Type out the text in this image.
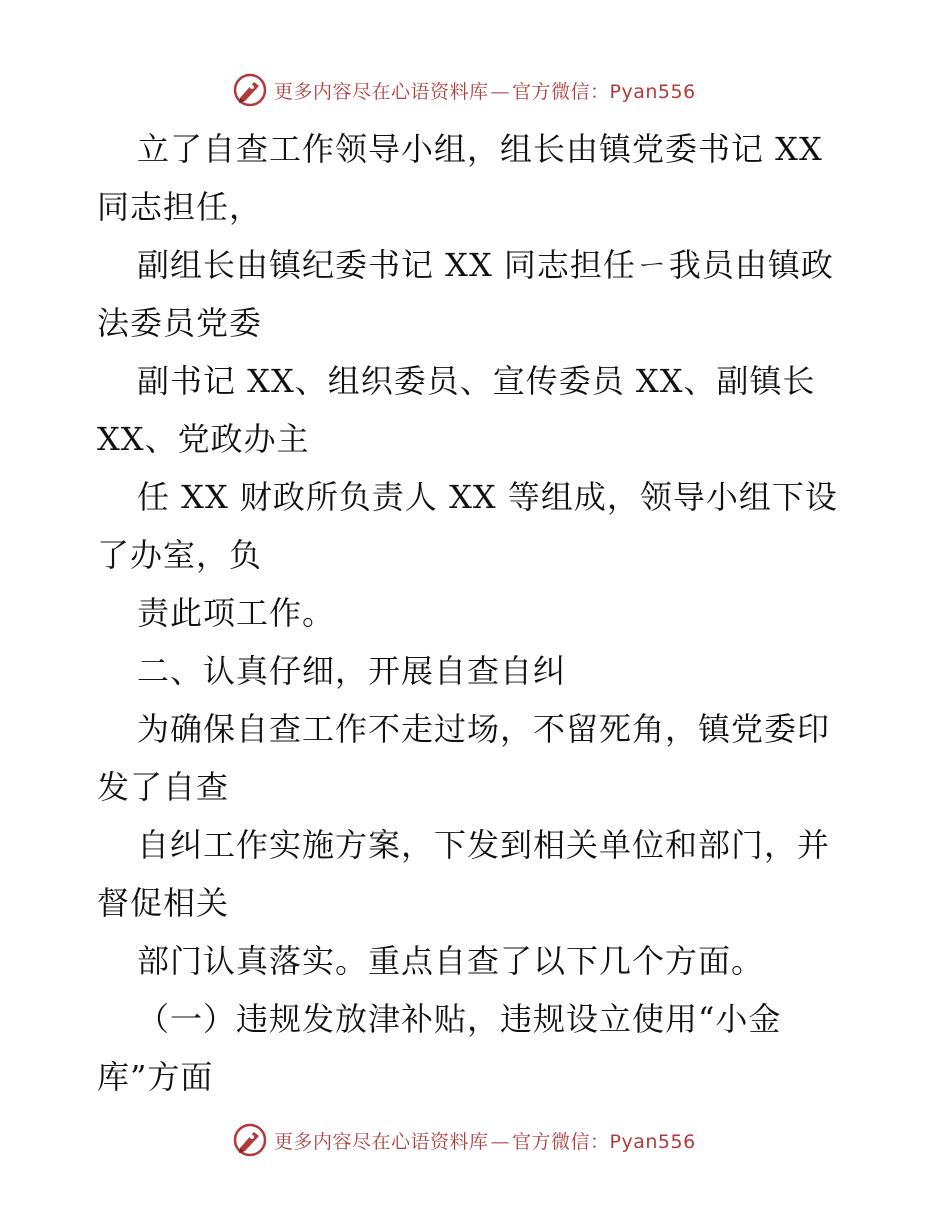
更多内容尽在心语资料库 — 官方微信：Pyan556
立了自查工作领导小组，组长由镇党委书记 XX
同志担任，
副组长由镇纪委书记 XX 同志担任ㄧ我员由镇政
法委员党委
副书记 XX、组织委员、宣传委员 XX、副镇长
XX、党政办主
任 XX 财政所负责人 XX 等组成，领导小组下设
了办室，负
责此项工作。
二、认真仔细，开展自查自纠
为确保自查工作不走过场，不留死角，镇党委印
发了自查
自纠工作实施方案，下发到相关单位和部门，并
督促相关
部门认真落实。重点自查了以下几个方面。
（一）违规发放津补贴，违规设立使用“小金
库”方面
更多内容尽在心语资料库 — 官方微信：Pyan556
